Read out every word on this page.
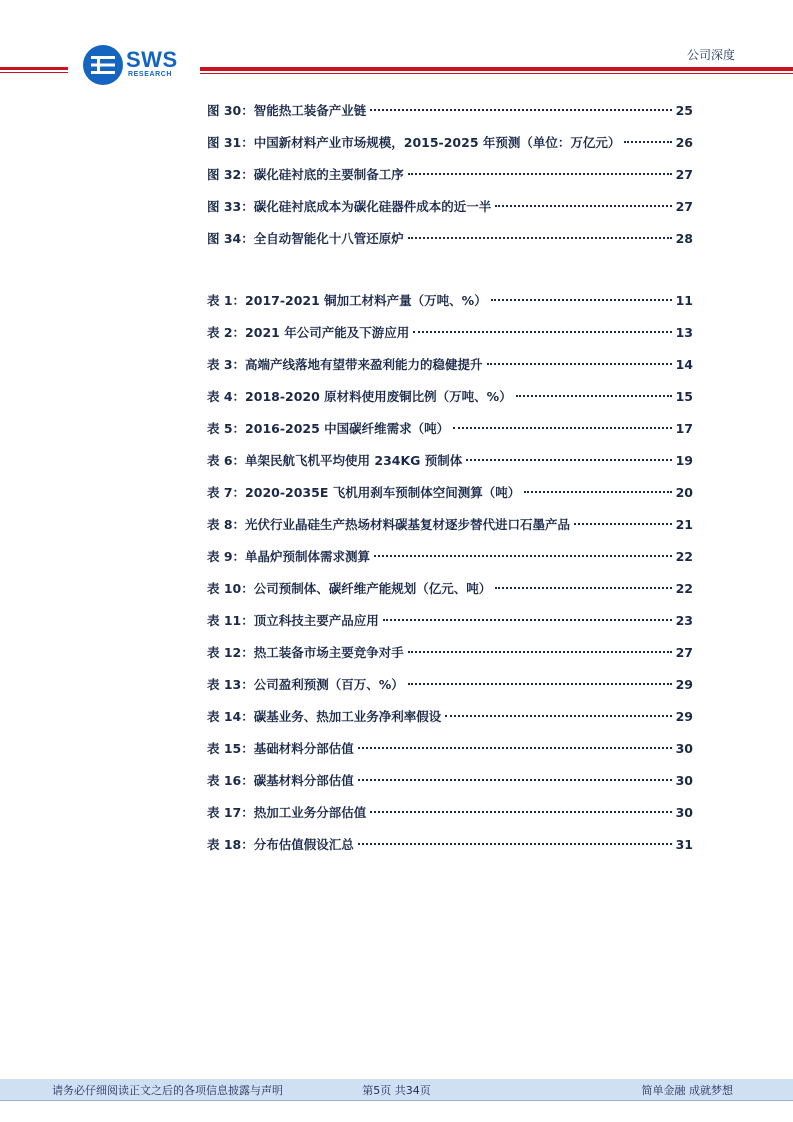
SWS
RESEARCH
公司深度
图 30：智能热工装备产业链	25
图 31：中国新材料产业市场规模，2015-2025 年预测（单位：万亿元）	26
图 32：碳化硅衬底的主要制备工序	27
图 33：碳化硅衬底成本为碳化硅器件成本的近一半	27
图 34：全自动智能化十八管还原炉	28
表 1：2017-2021 铜加工材料产量（万吨、%）	11
表 2：2021 年公司产能及下游应用	13
表 3：高端产线落地有望带来盈利能力的稳健提升	14
表 4：2018-2020 原材料使用废铜比例（万吨、%）	15
表 5：2016-2025 中国碳纤维需求（吨）	17
表 6：单架民航飞机平均使用 234KG 预制体	19
表 7：2020-2035E 飞机用刹车预制体空间测算（吨）	20
表 8：光伏行业晶硅生产热场材料碳基复材逐步替代进口石墨产品	21
表 9：单晶炉预制体需求测算	22
表 10：公司预制体、碳纤维产能规划（亿元、吨）	22
表 11：顶立科技主要产品应用	23
表 12：热工装备市场主要竞争对手	27
表 13：公司盈利预测（百万、%）	29
表 14：碳基业务、热加工业务净利率假设	29
表 15：基础材料分部估值	30
表 16：碳基材料分部估值	30
表 17：热加工业务分部估值	30
表 18：分布估值假设汇总	31
请务必仔细阅读正文之后的各项信息披露与声明	第5页 共34页	简单金融 成就梦想
